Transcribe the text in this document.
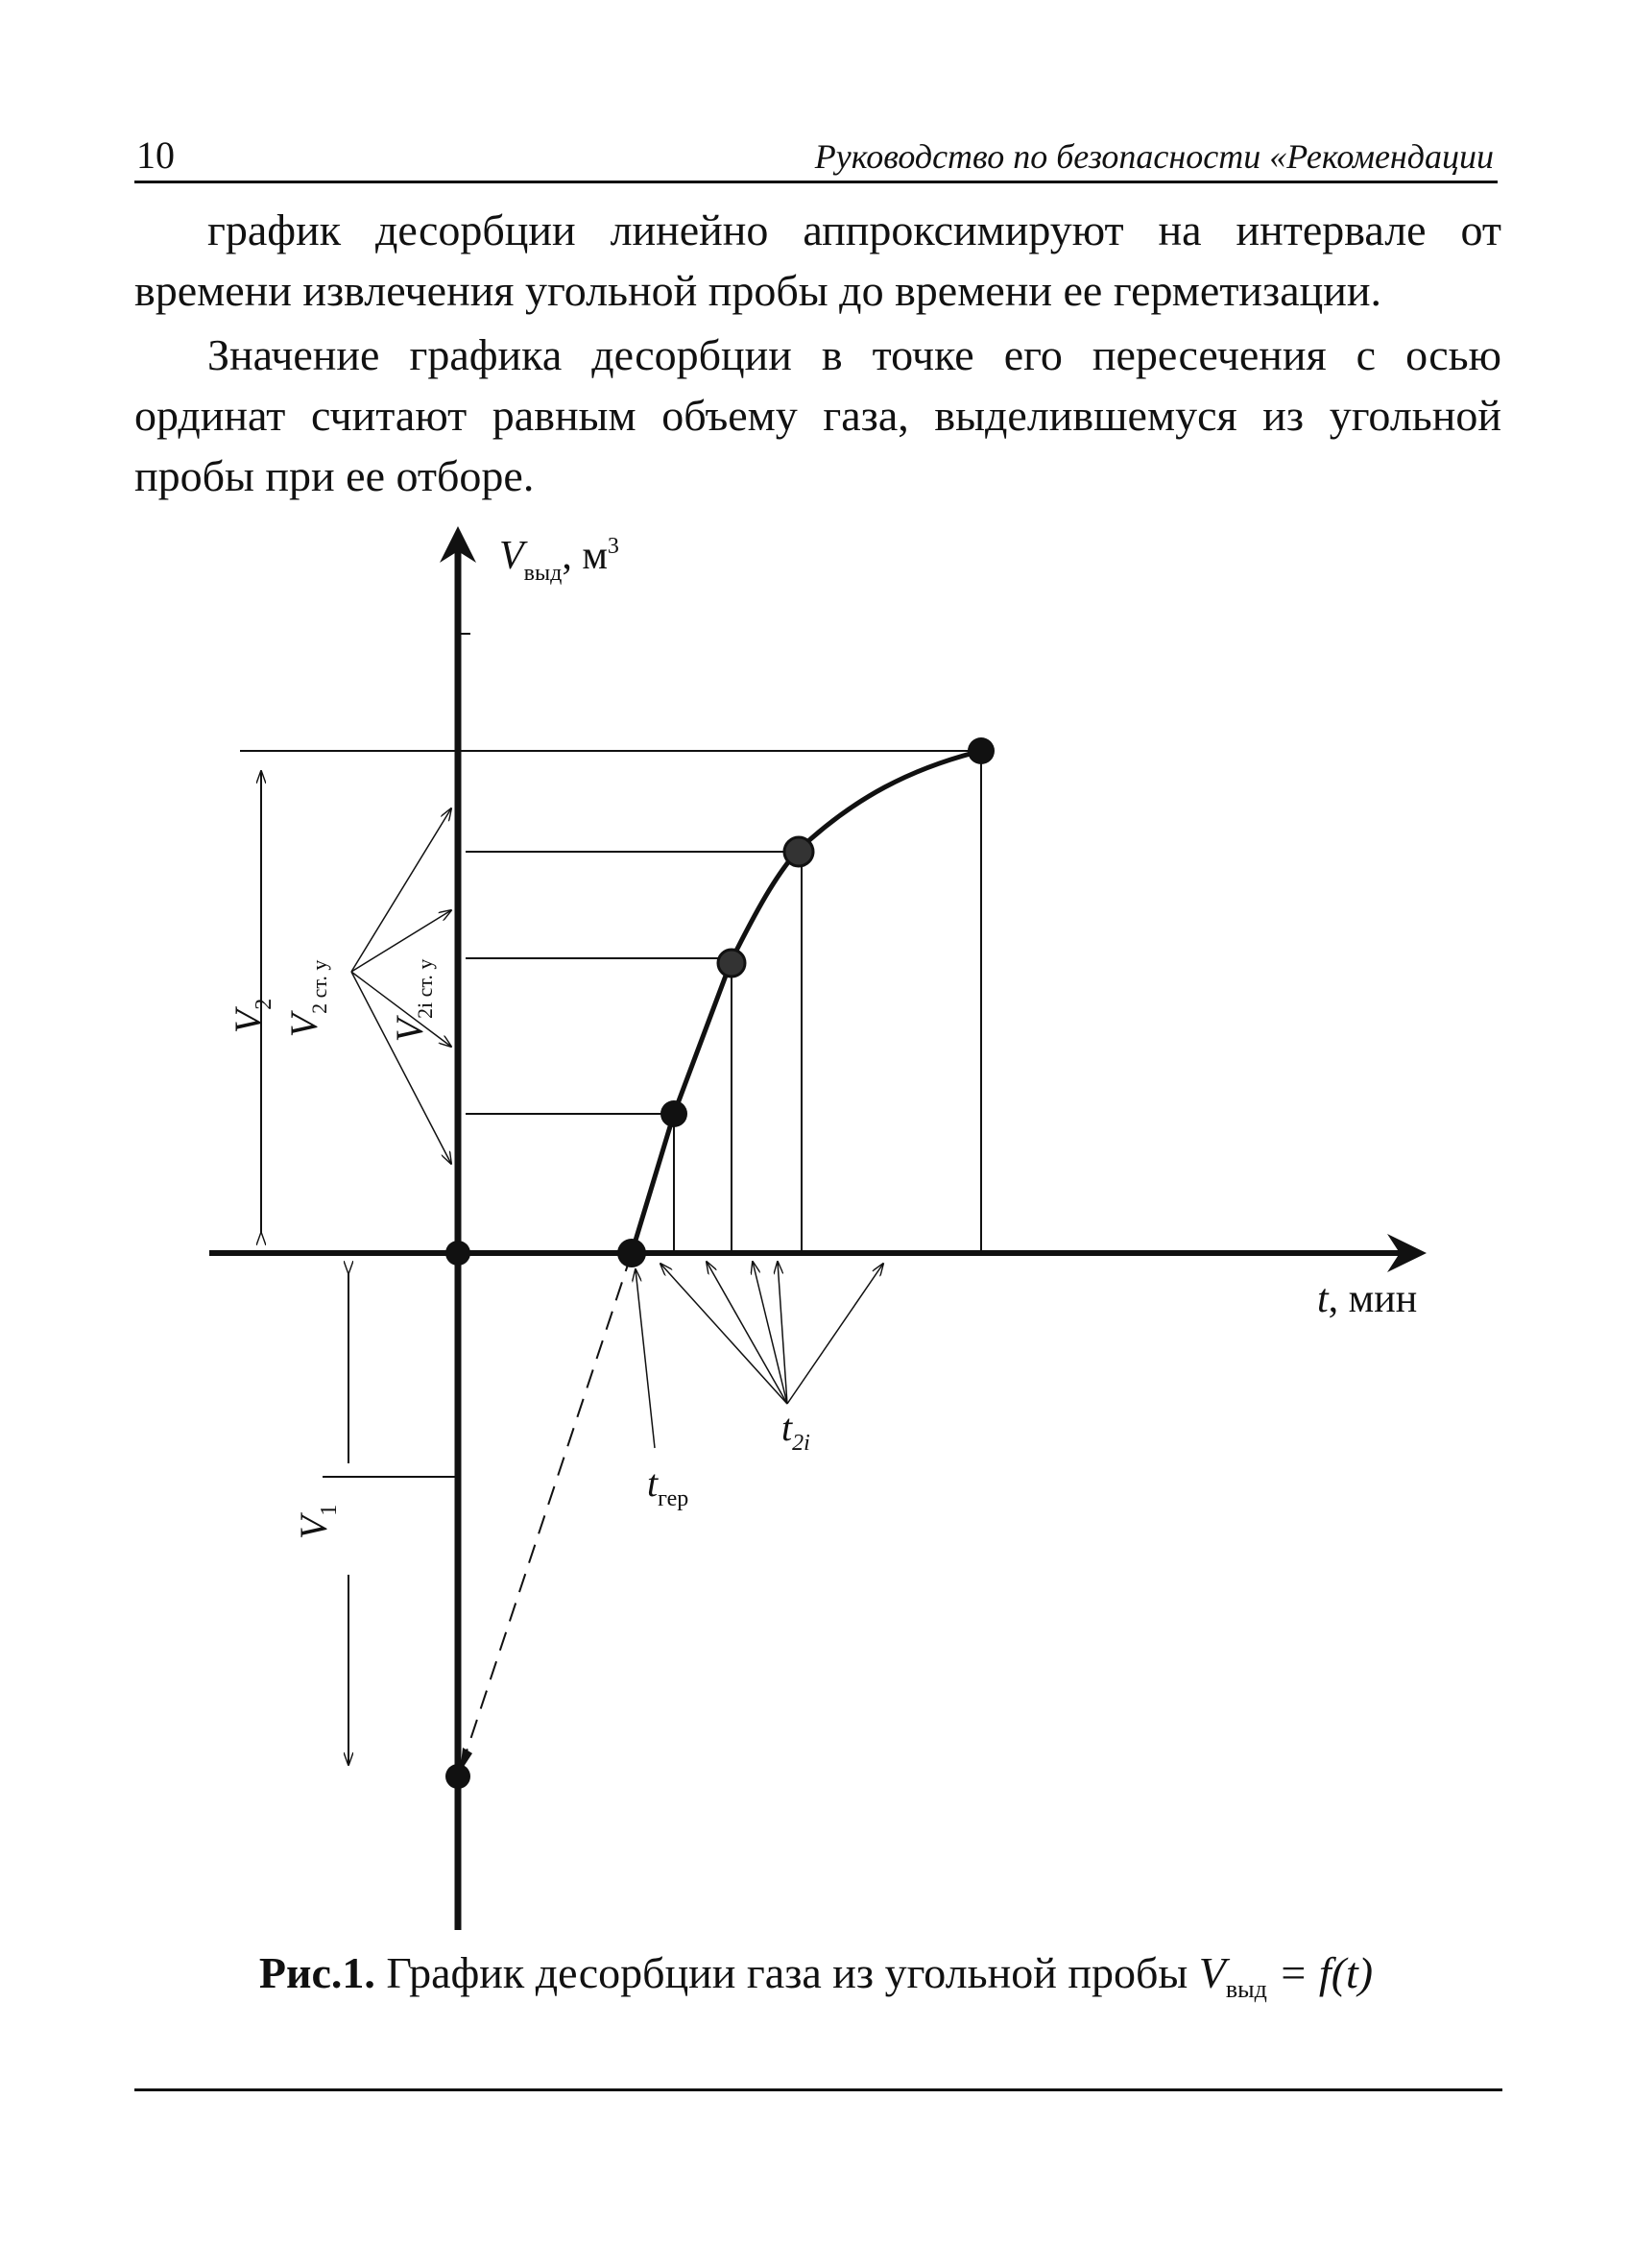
10	Руководство по безопасности «Рекомендации

график десорбции линейно аппроксимируют на интервале от времени извлечения угольной пробы до времени ее герметизации.

Значение графика десорбции в точке его пересечения с осью ординат считают равным объему газа, выделившемуся из угольной пробы при ее отборе.

$V_{выд}$, $м^3$
t, мин
$V_2$
$V_1$
$V_{2 ст. у}$
$V_{2i ст. у}$
$t_{2i}$
$t_{гер}$
Рис.1. График десорбции газа из угольной пробы $V_{выд} = f(t)$
